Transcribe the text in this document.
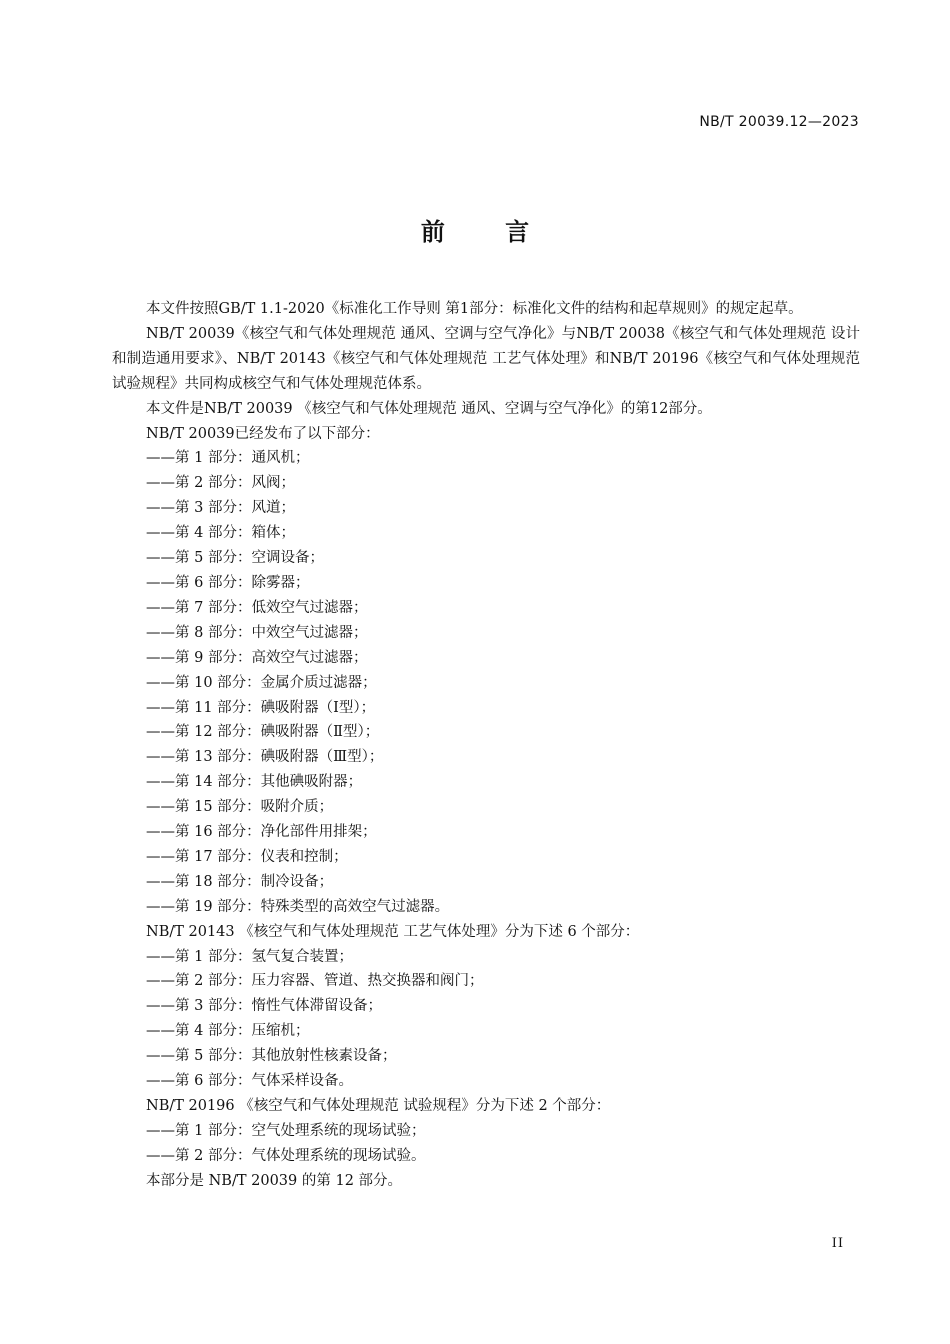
NB/T 20039.12—2023
前 言

本文件按照GB/T 1.1-2020《标准化工作导则 第1部分：标准化文件的结构和起草规则》的规定起草。

NB/T 20039《核空气和气体处理规范 通风、空调与空气净化》与NB/T 20038《核空气和气体处理规范 设计和制造通用要求》、NB/T 20143《核空气和气体处理规范 工艺气体处理》和NB/T 20196《核空气和气体处理规范 试验规程》共同构成核空气和气体处理规范体系。

本文件是NB/T 20039 《核空气和气体处理规范 通风、空调与空气净化》的第12部分。

NB/T 20039已经发布了以下部分：

——第 1 部分：通风机；

——第 2 部分：风阀；

——第 3 部分：风道；

——第 4 部分：箱体；

——第 5 部分：空调设备；

——第 6 部分：除雾器；

——第 7 部分：低效空气过滤器；

——第 8 部分：中效空气过滤器；

——第 9 部分：高效空气过滤器；

——第 10 部分：金属介质过滤器；

——第 11 部分：碘吸附器（Ⅰ型）；

——第 12 部分：碘吸附器（Ⅱ型）；

——第 13 部分：碘吸附器（Ⅲ型）；

——第 14 部分：其他碘吸附器；

——第 15 部分：吸附介质；

——第 16 部分：净化部件用排架；

——第 17 部分：仪表和控制；

——第 18 部分：制冷设备；

——第 19 部分：特殊类型的高效空气过滤器。

NB/T 20143 《核空气和气体处理规范 工艺气体处理》分为下述 6 个部分：

——第 1 部分：氢气复合装置；

——第 2 部分：压力容器、管道、热交换器和阀门；

——第 3 部分：惰性气体滞留设备；

——第 4 部分：压缩机；

——第 5 部分：其他放射性核素设备；

——第 6 部分：气体采样设备。

NB/T 20196 《核空气和气体处理规范 试验规程》分为下述 2 个部分：

——第 1 部分：空气处理系统的现场试验；

——第 2 部分：气体处理系统的现场试验。

本部分是 NB/T 20039 的第 12 部分。

II
